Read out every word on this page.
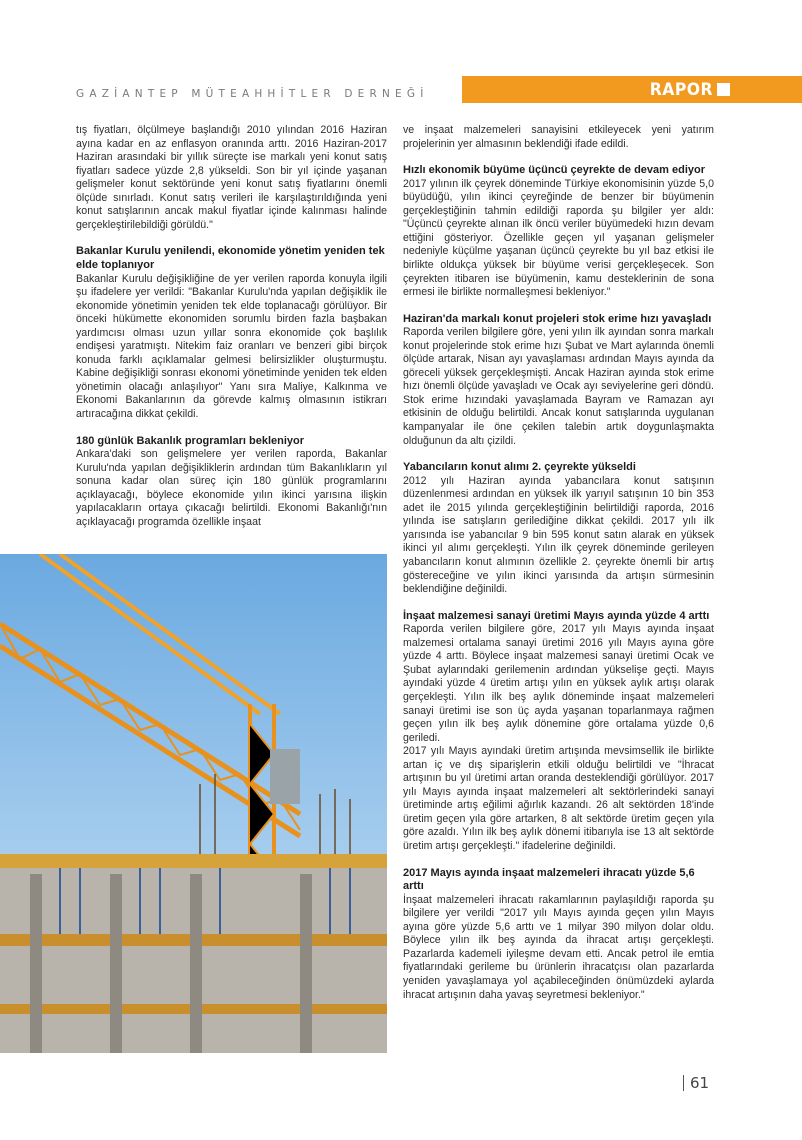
GAZİANTEP MÜTEAHHİTLER DERNEĞİ	RAPOR

tış fiyatları, ölçülmeye başlandığı 2010 yılından 2016 Haziran ayına kadar en az enflasyon oranında arttı. 2016 Haziran-2017 Haziran arasındaki bir yıllık süreçte ise markalı yeni konut satış fiyatları sadece yüzde 2,8 yükseldi. Son bir yıl içinde yaşanan gelişmeler konut sektöründe yeni konut satış fiyatlarını önemli ölçüde sınırladı. Konut satış verileri ile karşılaştırıldığında yeni konut satışlarının ancak makul fiyatlar içinde kalınması halinde gerçekleştirilebildiği görüldü."

Bakanlar Kurulu yenilendi, ekonomide yönetim yeniden tek elde toplanıyor

Bakanlar Kurulu değişikliğine de yer verilen raporda konuyla ilgili şu ifadelere yer verildi: "Bakanlar Kurulu'nda yapılan değişiklik ile ekonomide yönetimin yeniden tek elde toplanacağı görülüyor. Bir önceki hükümette ekonomiden sorumlu birden fazla başbakan yardımcısı olması uzun yıllar sonra ekonomide çok başlılık endişesi yaratmıştı. Nitekim faiz oranları ve benzeri gibi birçok konuda farklı açıklamalar gelmesi belirsizlikler oluşturmuştu. Kabine değişikliği sonrası ekonomi yönetiminde yeniden tek elden yönetimin olacağı anlaşılıyor" Yanı sıra Maliye, Kalkınma ve Ekonomi Bakanlarının da görevde kalmış olmasının istikrarı artıracağına dikkat çekildi.

180 günlük Bakanlık programları bekleniyor

Ankara'daki son gelişmelere yer verilen raporda, Bakanlar Kurulu'nda yapılan değişikliklerin ardından tüm Bakanlıkların yıl sonuna kadar olan süreç için 180 günlük programlarını açıklayacağı, böylece ekonomide yılın ikinci yarısına ilişkin yapılacakların ortaya çıkacağı belirtildi. Ekonomi Bakanlığı'nın açıklayacağı programda özellikle inşaat

ve inşaat malzemeleri sanayisini etkileyecek yeni yatırım projelerinin yer almasının beklendiği ifade edildi.

Hızlı ekonomik büyüme üçüncü çeyrekte de devam ediyor

2017 yılının ilk çeyrek döneminde Türkiye ekonomisinin yüzde 5,0 büyüdüğü, yılın ikinci çeyreğinde de benzer bir büyümenin gerçekleştiğinin tahmin edildiği raporda şu bilgiler yer aldı: "Üçüncü çeyrekte alınan ilk öncü veriler büyümedeki hızın devam ettiğini gösteriyor. Özellikle geçen yıl yaşanan gelişmeler nedeniyle küçülme yaşanan üçüncü çeyrekte bu yıl baz etkisi ile birlikte oldukça yüksek bir büyüme verisi gerçekleşecek. Son çeyrekten itibaren ise büyümenin, kamu desteklerinin de sona ermesi ile birlikte normalleşmesi bekleniyor."

Haziran'da markalı konut projeleri stok erime hızı yavaşladı

Raporda verilen bilgilere göre, yeni yılın ilk ayından sonra markalı konut projelerinde stok erime hızı Şubat ve Mart aylarında önemli ölçüde artarak, Nisan ayı yavaşlaması ardından Mayıs ayında da göreceli yüksek gerçekleşmişti. Ancak Haziran ayında stok erime hızı önemli ölçüde yavaşladı ve Ocak ayı seviyelerine geri döndü. Stok erime hızındaki yavaşlamada Bayram ve Ramazan ayı etkisinin de olduğu belirtildi. Ancak konut satışlarında uygulanan kampanyalar ile öne çekilen talebin artık doygunlaşmakta olduğunun da altı çizildi.

Yabancıların konut alımı 2. çeyrekte yükseldi

2012 yılı Haziran ayında yabancılara konut satışının düzenlenmesi ardından en yüksek ilk yarıyıl satışının 10 bin 353 adet ile 2015 yılında gerçekleştiğinin belirtildiği raporda, 2016 yılında ise satışların gerilediğine dikkat çekildi. 2017 yılı ilk yarısında ise yabancılar 9 bin 595 konut satın alarak en yüksek ikinci yıl alımı gerçekleşti. Yılın ilk çeyrek döneminde gerileyen yabancıların konut alımının özellikle 2. çeyrekte önemli bir artış göstereceğine ve yılın ikinci yarısında da artışın sürmesinin beklendiğine değinildi.

İnşaat malzemesi sanayi üretimi Mayıs ayında yüzde 4 arttı

Raporda verilen bilgilere göre, 2017 yılı Mayıs ayında inşaat malzemesi ortalama sanayi üretimi 2016 yılı Mayıs ayına göre yüzde 4 arttı. Böylece inşaat malzemesi sanayi üretimi Ocak ve Şubat aylarındaki gerilemenin ardından yükselişe geçti. Mayıs ayındaki yüzde 4 üretim artışı yılın en yüksek aylık artışı olarak gerçekleşti. Yılın ilk beş aylık döneminde inşaat malzemeleri sanayi üretimi ise son üç ayda yaşanan toparlanmaya rağmen geçen yılın ilk beş aylık dönemine göre ortalama yüzde 0,6 geriledi.

2017 yılı Mayıs ayındaki üretim artışında mevsimsellik ile birlikte artan iç ve dış siparişlerin etkili olduğu belirtildi ve "İhracat artışının bu yıl üretimi artan oranda desteklendiği görülüyor. 2017 yılı Mayıs ayında inşaat malzemeleri alt sektörlerindeki sanayi üretiminde artış eğilimi ağırlık kazandı. 26 alt sektörden 18'inde üretim geçen yıla göre artarken, 8 alt sektörde üretim geçen yıla göre azaldı. Yılın ilk beş aylık dönemi itibarıyla ise 13 alt sektörde üretim artışı gerçekleşti." ifadelerine değinildi.

2017 Mayıs ayında inşaat malzemeleri ihracatı yüzde 5,6 arttı

İnşaat malzemeleri ihracatı rakamlarının paylaşıldığı raporda şu bilgilere yer verildi "2017 yılı Mayıs ayında geçen yılın Mayıs ayına göre yüzde 5,6 arttı ve 1 milyar 390 milyon dolar oldu. Böylece yılın ilk beş ayında da ihracat artışı gerçekleşti. Pazarlarda kademeli iyileşme devam etti. Ancak petrol ile emtia fiyatlarındaki gerileme bu ürünlerin ihracatçısı olan pazarlarda yeniden yavaşlamaya yol açabileceğinden önümüzdeki aylarda ihracat artışının daha yavaş seyretmesi bekleniyor."

61
